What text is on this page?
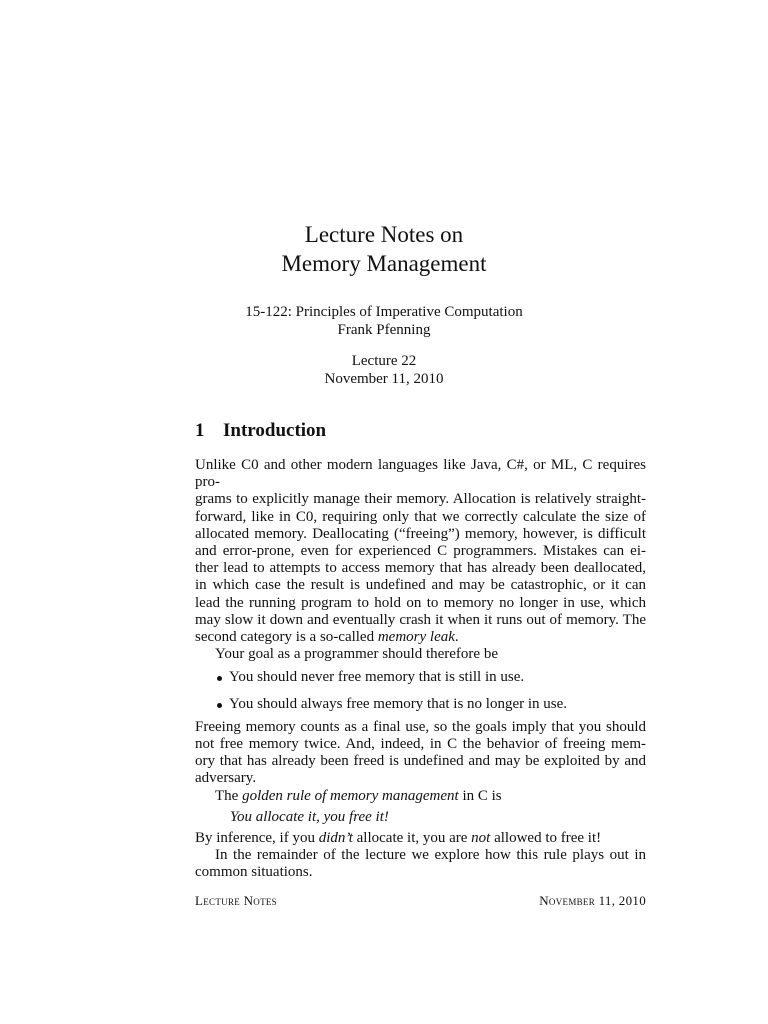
Lecture Notes on
Memory Management
15-122: Principles of Imperative Computation
Frank Pfenning
Lecture 22
November 11, 2010
1 Introduction
Unlike C0 and other modern languages like Java, C#, or ML, C requires pro-
grams to explicitly manage their memory. Allocation is relatively straight-
forward, like in C0, requiring only that we correctly calculate the size of
allocated memory. Deallocating (“freeing”) memory, however, is difficult
and error-prone, even for experienced C programmers. Mistakes can ei-
ther lead to attempts to access memory that has already been deallocated,
in which case the result is undefined and may be catastrophic, or it can
lead the running program to hold on to memory no longer in use, which
may slow it down and eventually crash it when it runs out of memory. The
second category is a so-called memory leak.
Your goal as a programmer should therefore be
You should never free memory that is still in use.
You should always free memory that is no longer in use.
Freeing memory counts as a final use, so the goals imply that you should
not free memory twice. And, indeed, in C the behavior of freeing mem-
ory that has already been freed is undefined and may be exploited by and
adversary.
The golden rule of memory management in C is
You allocate it, you free it!
By inference, if you didn’t allocate it, you are not allowed to free it!
In the remainder of the lecture we explore how this rule plays out in
common situations.
Lecture Notes	November 11, 2010
